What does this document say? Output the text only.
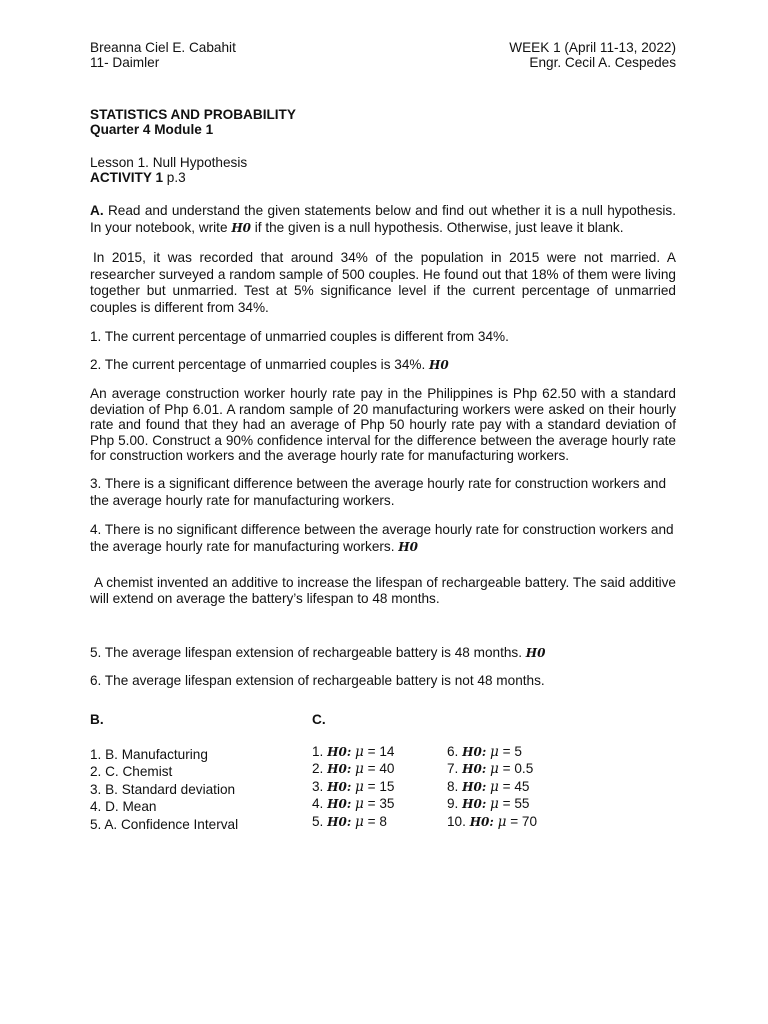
Breanna Ciel E. Cabahit
11- Daimler
WEEK 1 (April 11-13, 2022)
Engr. Cecil A. Cespedes
STATISTICS AND PROBABILITY
Quarter 4 Module 1
Lesson 1. Null Hypothesis
ACTIVITY 1 p.3
A. Read and understand the given statements below and find out whether it is a null hypothesis. In your notebook, write H0 if the given is a null hypothesis. Otherwise, just leave it blank.
In 2015, it was recorded that around 34% of the population in 2015 were not married. A researcher surveyed a random sample of 500 couples. He found out that 18% of them were living together but unmarried. Test at 5% significance level if the current percentage of unmarried couples is different from 34%.
1. The current percentage of unmarried couples is different from 34%.
2. The current percentage of unmarried couples is 34%. H0
An average construction worker hourly rate pay in the Philippines is Php 62.50 with a standard deviation of Php 6.01. A random sample of 20 manufacturing workers were asked on their hourly rate and found that they had an average of Php 50 hourly rate pay with a standard deviation of Php 5.00. Construct a 90% confidence interval for the difference between the average hourly rate for construction workers and the average hourly rate for manufacturing workers.
3. There is a significant difference between the average hourly rate for construction workers and the average hourly rate for manufacturing workers.
4. There is no significant difference between the average hourly rate for construction workers and the average hourly rate for manufacturing workers. H0
A chemist invented an additive to increase the lifespan of rechargeable battery. The said additive will extend on average the battery’s lifespan to 48 months.
5. The average lifespan extension of rechargeable battery is 48 months. H0
6. The average lifespan extension of rechargeable battery is not 48 months.
B.
1. B. Manufacturing
2. C. Chemist
3. B. Standard deviation
4. D. Mean
5. A. Confidence Interval
C.
1. H0: μ = 14
2. H0: μ = 40
3. H0: μ = 15
4. H0: μ = 35
5. H0: μ = 8
6. H0: μ = 5
7. H0: μ = 0.5
8. H0: μ = 45
9. H0: μ = 55
10. H0: μ = 70
